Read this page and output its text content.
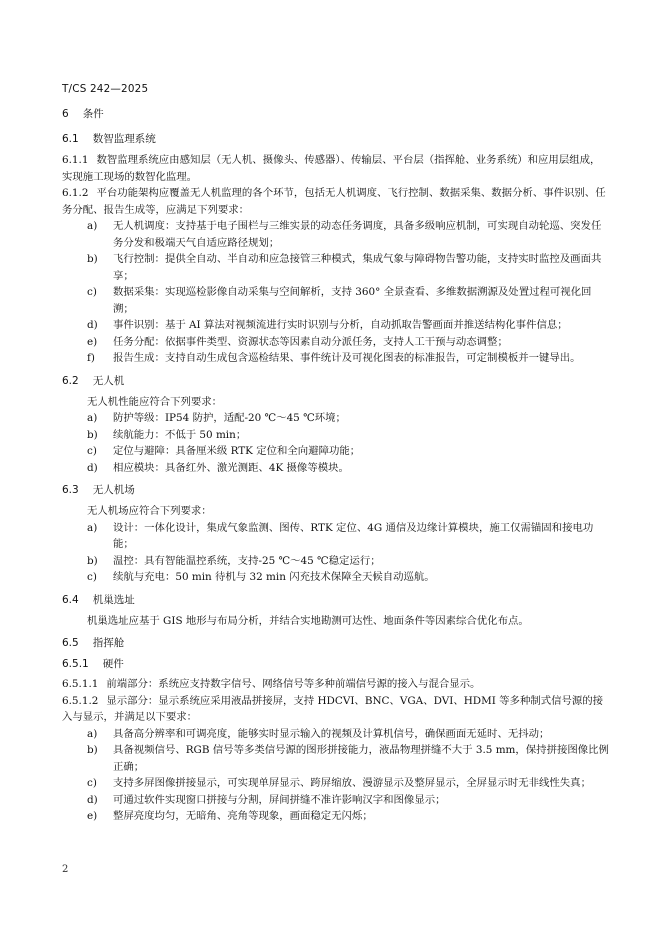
T/CS 242—2025
6 条件
6.1 数智监理系统

6.1.1 数智监理系统应由感知层（无人机、摄像头、传感器）、传输层、平台层（指挥舱、业务系统）和应用层组成，实现施工现场的数智化监理。

6.1.2 平台功能架构应覆盖无人机监理的各个环节，包括无人机调度、飞行控制、数据采集、数据分析、事件识别、任务分配、报告生成等，应满足下列要求：

a) 无人机调度：支持基于电子围栏与三维实景的动态任务调度，具备多级响应机制，可实现自动轮巡、突发任务分发和极端天气自适应路径规划；
b) 飞行控制：提供全自动、半自动和应急接管三种模式，集成气象与障碍物告警功能，支持实时监控及画面共享；
c) 数据采集：实现巡检影像自动采集与空间解析，支持 360° 全景查看、多维数据溯源及处置过程可视化回溯；
d) 事件识别：基于 AI 算法对视频流进行实时识别与分析，自动抓取告警画面并推送结构化事件信息；
e) 任务分配：依据事件类型、资源状态等因素自动分派任务，支持人工干预与动态调整；
f) 报告生成：支持自动生成包含巡检结果、事件统计及可视化图表的标准报告，可定制模板并一键导出。
6.2 无人机

无人机性能应符合下列要求：

a) 防护等级：IP54 防护，适配-20 ℃～45 ℃环境；
b) 续航能力：不低于 50 min；
c) 定位与避障：具备厘米级 RTK 定位和全向避障功能；
d) 相应模块：具备红外、激光测距、4K 摄像等模块。
6.3 无人机场

无人机场应符合下列要求：

a) 设计：一体化设计，集成气象监测、图传、RTK 定位、4G 通信及边缘计算模块，施工仅需锚固和接电功能；
b) 温控：具有智能温控系统，支持-25 ℃～45 ℃稳定运行；
c) 续航与充电：50 min 待机与 32 min 闪充技术保障全天候自动巡航。
6.4 机巢选址

机巢选址应基于 GIS 地形与布局分析，并结合实地勘测可达性、地面条件等因素综合优化布点。

6.5 指挥舱
6.5.1 硬件

6.5.1.1 前端部分：系统应支持数字信号、网络信号等多种前端信号源的接入与混合显示。

6.5.1.2 显示部分：显示系统应采用液晶拼接屏，支持 HDCVI、BNC、VGA、DVI、HDMI 等多种制式信号源的接入与显示，并满足以下要求：

a) 具备高分辨率和可调亮度，能够实时显示输入的视频及计算机信号，确保画面无延时、无抖动；
b) 具备视频信号、RGB 信号等多类信号源的图形拼接能力，液晶物理拼缝不大于 3.5 mm，保持拼接图像比例正确；
c) 支持多屏图像拼接显示，可实现单屏显示、跨屏缩放、漫游显示及整屏显示，全屏显示时无非线性失真；
d) 可通过软件实现窗口拼接与分割，屏间拼缝不准许影响汉字和图像显示；
e) 整屏亮度均匀，无暗角、亮角等现象，画面稳定无闪烁；
2
